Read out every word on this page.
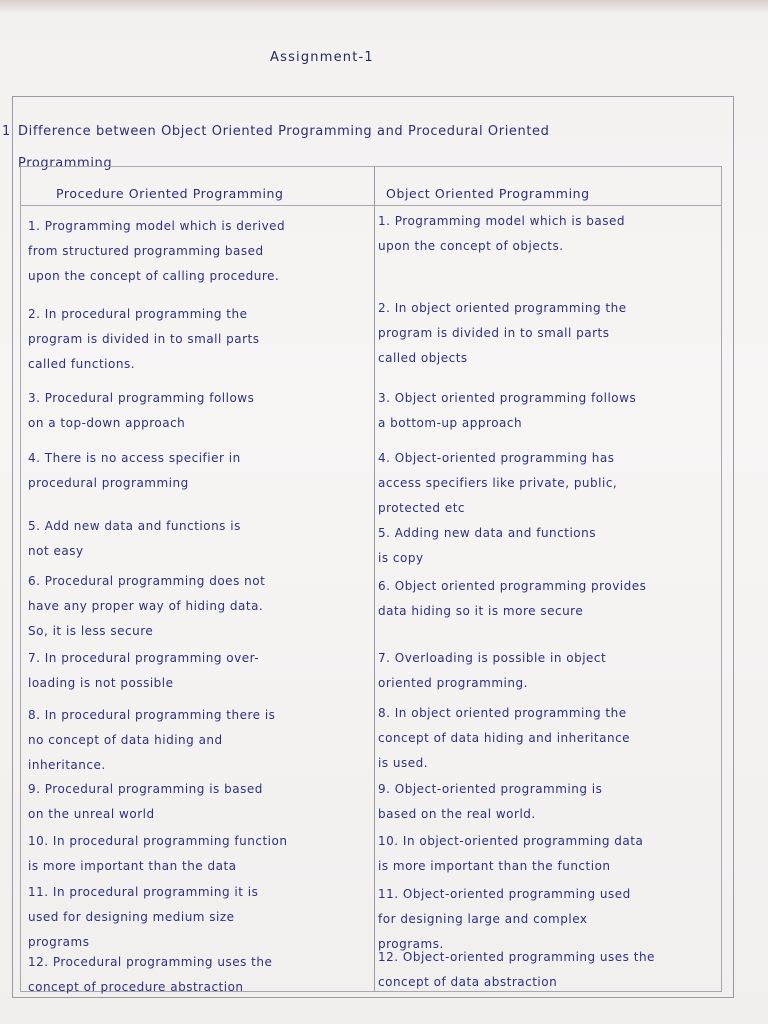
Assignment-1
1 Difference between Object Oriented Programming and Procedural Oriented
Programming
Procedure Oriented Programming	Object Oriented Programming
1. Programming model which is derived
from structured programming based
upon the concept of calling procedure.
1. Programming model which is based
upon the concept of objects.
2. In procedural programming the
program is divided in to small parts
called functions.
2. In object oriented programming the
program is divided in to small parts
called objects
3. Procedural programming follows
on a top-down approach
3. Object oriented programming follows
a bottom-up approach
4. There is no access specifier in
procedural programming
4. Object-oriented programming has
access specifiers like private, public,
protected etc
5. Add new data and functions is
not easy
5. Adding new data and functions
is copy
6. Procedural programming does not
have any proper way of hiding data.
So, it is less secure
6. Object oriented programming provides
data hiding so it is more secure
7. In procedural programming over-
loading is not possible
7. Overloading is possible in object
oriented programming.
8. In procedural programming there is
no concept of data hiding and
inheritance.
8. In object oriented programming the
concept of data hiding and inheritance
is used.
9. Procedural programming is based
on the unreal world
9. Object-oriented programming is
based on the real world.
10. In procedural programming function
is more important than the data
10. In object-oriented programming data
is more important than the function
11. In procedural programming it is
used for designing medium size
programs
11. Object-oriented programming used
for designing large and complex
programs.
12. Procedural programming uses the
concept of procedure abstraction
12. Object-oriented programming uses the
concept of data abstraction
